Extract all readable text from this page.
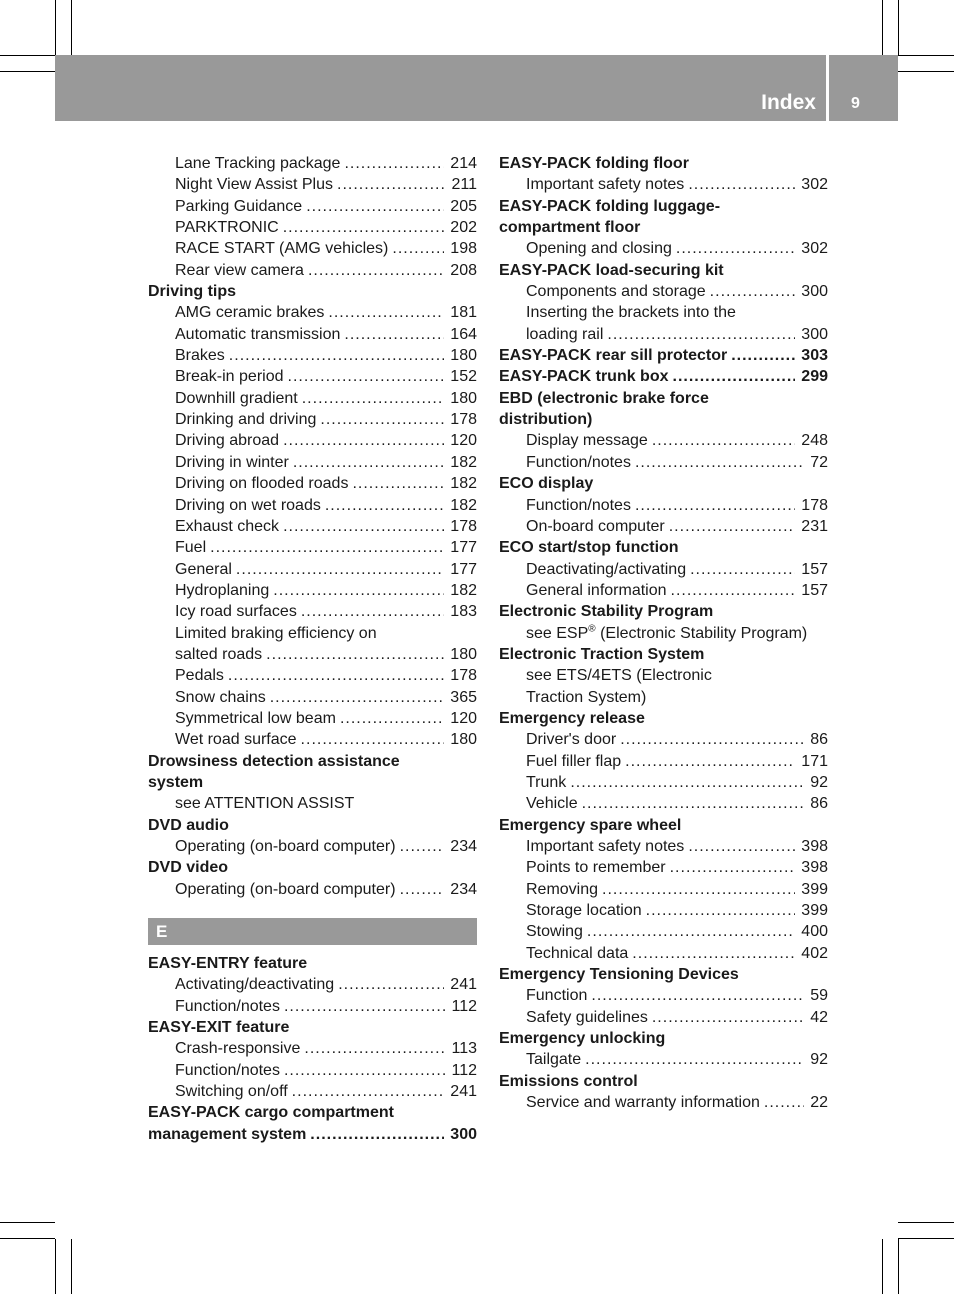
Index 9
Lane Tracking package .....	214
Night View Assist Plus .....	211
Parking Guidance .....	205
PARKTRONIC .....	202
RACE START (AMG vehicles) .....	198
Rear view camera .....	208
Driving tips
AMG ceramic brakes .....	181
Automatic transmission .....	164
Brakes .....	180
Break-in period .....	152
Downhill gradient .....	180
Drinking and driving .....	178
Driving abroad .....	120
Driving in winter .....	182
Driving on flooded roads .....	182
Driving on wet roads .....	182
Exhaust check .....	178
Fuel .....	177
General .....	177
Hydroplaning .....	182
Icy road surfaces .....	183
Limited braking efficiency on
salted roads .....	180
Pedals .....	178
Snow chains .....	365
Symmetrical low beam .....	120
Wet road surface .....	180
Drowsiness detection assistance
system
see ATTENTION ASSIST
DVD audio
Operating (on-board computer) .....	234
DVD video
Operating (on-board computer) .....	234
E
EASY-ENTRY feature
Activating/deactivating .....	241
Function/notes .....	112
EASY-EXIT feature
Crash-responsive .....	113
Function/notes .....	112
Switching on/off .....	241
EASY-PACK cargo compartment
management system .....	300
EASY-PACK folding floor
Important safety notes .....	302
EASY-PACK folding luggage-
compartment floor
Opening and closing .....	302
EASY-PACK load-securing kit
Components and storage .....	300
Inserting the brackets into the
loading rail .....	300
EASY-PACK rear sill protector .....	303
EASY-PACK trunk box .....	299
EBD (electronic brake force
distribution)
Display message .....	248
Function/notes .....	72
ECO display
Function/notes .....	178
On-board computer .....	231
ECO start/stop function
Deactivating/activating .....	157
General information .....	157
Electronic Stability Program
see ESP® (Electronic Stability Program)
Electronic Traction System
see ETS/4ETS (Electronic
Traction System)
Emergency release
Driver's door .....	86
Fuel filler flap .....	171
Trunk .....	92
Vehicle .....	86
Emergency spare wheel
Important safety notes .....	398
Points to remember .....	398
Removing .....	399
Storage location .....	399
Stowing .....	400
Technical data .....	402
Emergency Tensioning Devices
Function .....	59
Safety guidelines .....	42
Emergency unlocking
Tailgate .....	92
Emissions control
Service and warranty information .....	22
